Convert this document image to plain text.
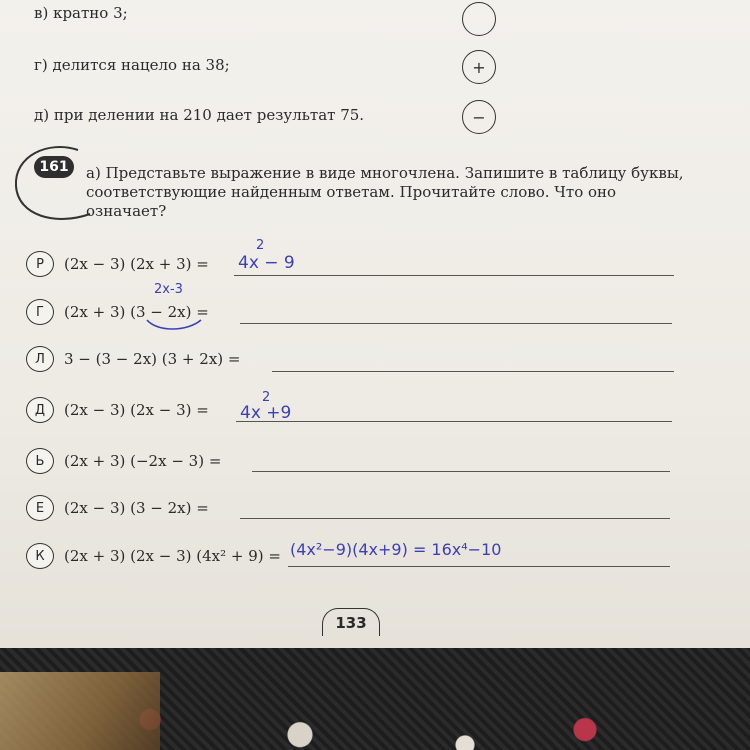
в) кратно 3;
г) делится нацело на 38;	+
д) при делении на 210 дает результат 75.	−
161	а) Представьте выражение в виде многочлена. Запишите в таблицу буквы, соответствующие найденным ответам. Прочитайте слово. Что оно означает?
Р	(2x − 3) (2x + 3) = 4x − 9
2
2x-3
Г	(2x + 3) (3 − 2x) =
Л	3 − (3 − 2x) (3 + 2x) =
Д	(2x − 3) (2x − 3) = 4x +9
2
Ь	(2x + 3) (−2x − 3) =
Е	(2x − 3) (3 − 2x) =
К	(2x + 3) (2x − 3) (4x² + 9) = (4x²−9)(4x+9) = 16x⁴−10
133
